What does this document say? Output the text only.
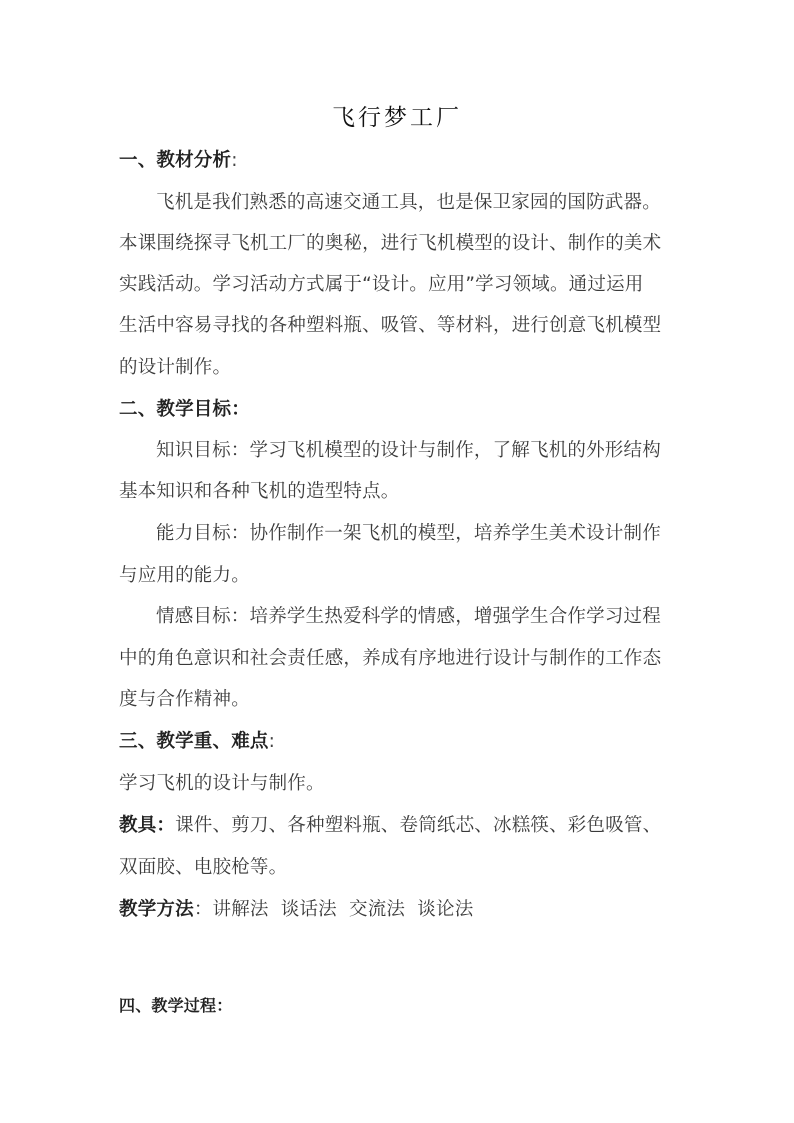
飞行梦工厂
一、教材分析:
飞机是我们熟悉的高速交通工具，也是保卫家园的国防武器。
本课围绕探寻飞机工厂的奥秘，进行飞机模型的设计、制作的美术
实践活动。学习活动方式属于“设计。应用”学习领域。通过运用
生活中容易寻找的各种塑料瓶、吸管、等材料，进行创意飞机模型
的设计制作。
二、教学目标：
知识目标：学习飞机模型的设计与制作，了解飞机的外形结构
基本知识和各种飞机的造型特点。
能力目标：协作制作一架飞机的模型，培养学生美术设计制作
与应用的能力。
情感目标：培养学生热爱科学的情感，增强学生合作学习过程
中的角色意识和社会责任感，养成有序地进行设计与制作的工作态
度与合作精神。
三、教学重、难点:
学习飞机的设计与制作。
教具：课件、剪刀、各种塑料瓶、卷筒纸芯、冰糕筷、彩色吸管、
双面胶、电胶枪等。
教学方法：讲解法  谈话法  交流法  谈论法
四、教学过程：
